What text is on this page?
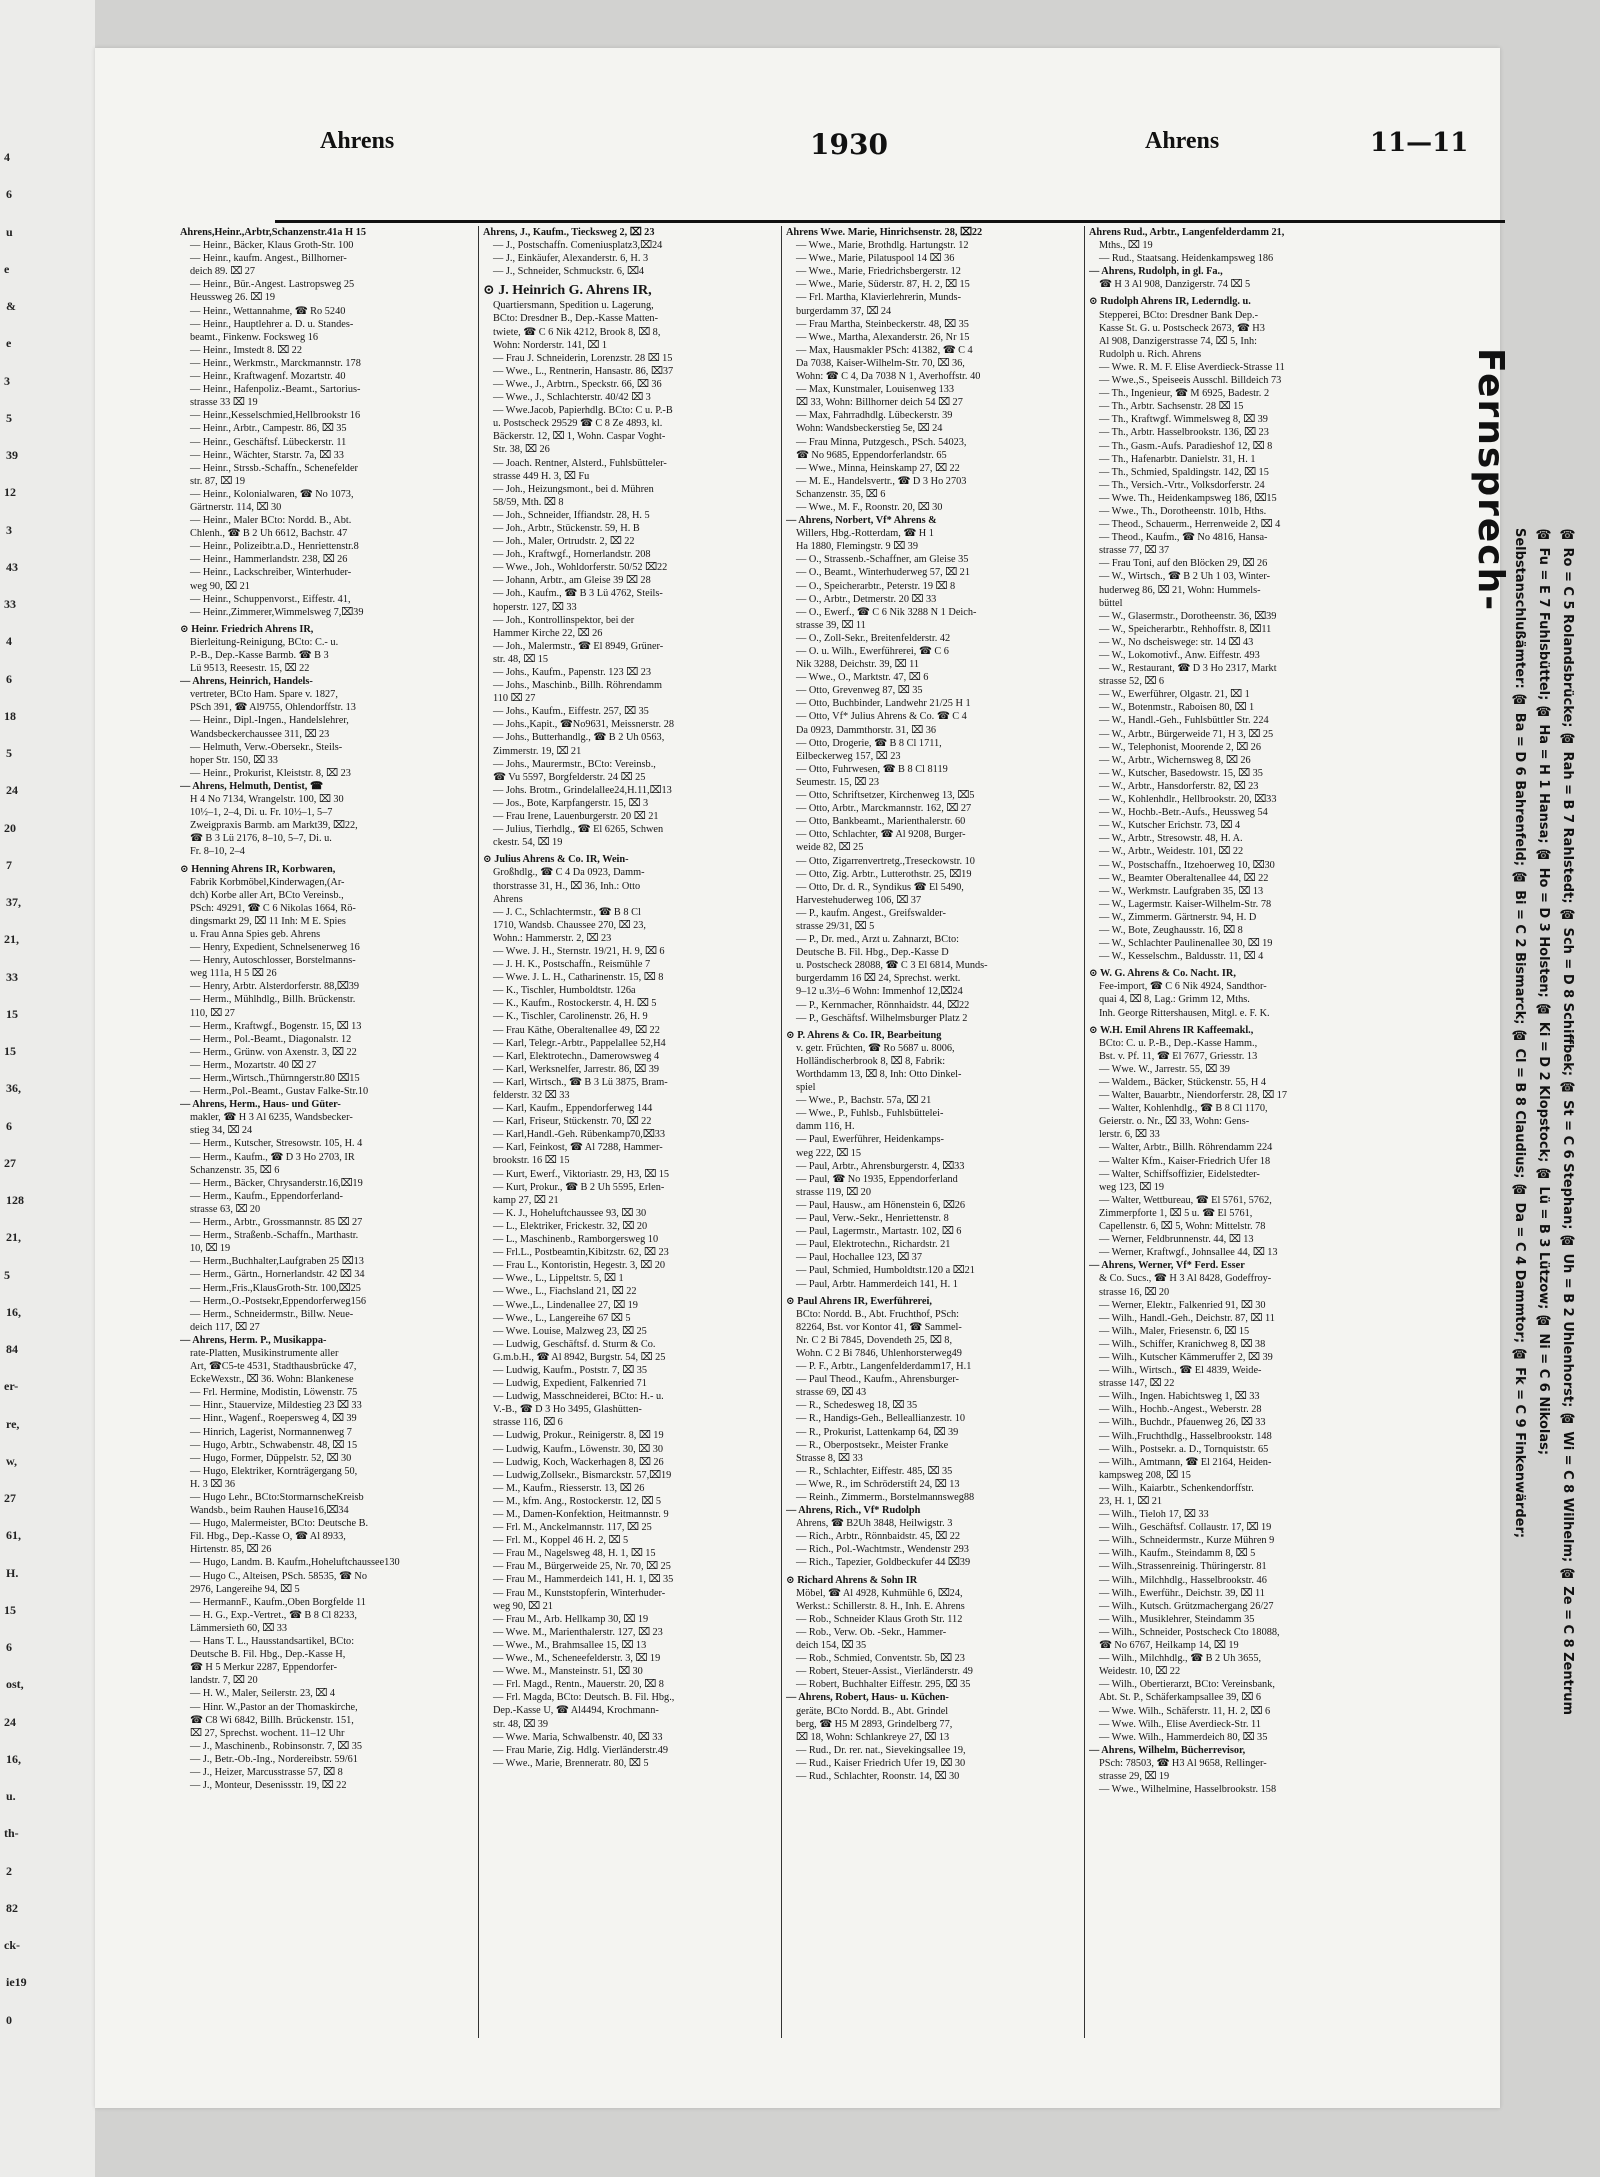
4
6
u
e
&
e
3
5
39
12
3
43
33
4
6
18
5
24
20
7
37,
21,
33
15
15
36,
6
27
128
21,
5
16,
84
er-
re,
w,
27
61,
H.
15
6
ost,
24
16,
u.
th-
2
82
ck-
ie19
0
Ahrens	1930	Ahrens	11—11
Ahrens,Heinr.,Arbtr,Schanzenstr.41a H 15
— Heinr., Bäcker, Klaus Groth-Str. 100
— Heinr., kaufm. Angest., Billhorner-
deich 89. ⌧ 27
— Heinr., Bür.-Angest. Lastropsweg 25
Heussweg 26. ⌧ 19
— Heinr., Wettannahme, ☎ Ro 5240
— Heinr., Hauptlehrer a. D. u. Standes-
beamt., Finkenw. Focksweg 16
— Heinr., Imstedt 8. ⌧ 22
— Heinr., Werkmstr., Marckmannstr. 178
— Heinr., Kraftwagenf. Mozartstr. 40
— Heinr., Hafenpoliz.-Beamt., Sartorius-
strasse 33 ⌧ 19
— Heinr.,Kesselschmied,Hellbrookstr 16
— Heinr., Arbtr., Campestr. 86, ⌧ 35
— Heinr., Geschäftsf. Lübeckerstr. 11
— Heinr., Wächter, Starstr. 7a, ⌧ 33
— Heinr., Strssb.-Schaffn., Schenefelder
str. 87, ⌧ 19
— Heinr., Kolonialwaren, ☎ No 1073,
Gärtnerstr. 114, ⌧ 30
— Heinr., Maler BCto: Nordd. B., Abt.
Chlenh., ☎ B 2 Uh 6612, Bachstr. 47
— Heinr., Polizeibtr.a.D., Henriettenstr.8
— Heinr., Hammerlandstr. 238, ⌧ 26
— Heinr., Lackschreiber, Winterhuder-
weg 90, ⌧ 21
— Heinr., Schuppenvorst., Eiffestr. 41,
— Heinr.,Zimmerer,Wimmelsweg 7,⌧39
⊙ Heinr. Friedrich Ahrens IR,
Bierleitung-Reinigung, BCto: C.- u.
P.-B., Dep.-Kasse Barmb. ☎ B 3
Lü 9513, Reesestr. 15, ⌧ 22
— Ahrens, Heinrich, Handels-
vertreter, BCto Ham. Spare v. 1827,
PSch 391, ☎ Al9755, Ohlendorffstr. 13
— Heinr., Dipl.-Ingen., Handelslehrer,
Wandsbeckerchaussee 311, ⌧ 23
— Helmuth, Verw.-Obersekr., Steils-
hoper Str. 150, ⌧ 33
— Heinr., Prokurist, Kleiststr. 8, ⌧ 23
— Ahrens, Helmuth, Dentist, ☎
H 4 No 7134, Wrangelstr. 100, ⌧ 30
10½–1, 2–4, Di. u. Fr. 10½–1, 5–7
Zweigpraxis Barmb. am Markt39, ⌧22,
☎ B 3 Lü 2176, 8–10, 5–7, Di. u.
Fr. 8–10, 2–4
⊙ Henning Ahrens IR, Korbwaren,
Fabrik Korbmöbel,Kinderwagen,(Ar-
dch) Korbe aller Art, BCto Vereinsb.,
PSch: 49291, ☎ C 6 Nikolas 1664, Rö-
dingsmarkt 29, ⌧ 11 Inh: M E. Spies
u. Frau Anna Spies geb. Ahrens
— Henry, Expedient, Schnelsenerweg 16
— Henry, Autoschlosser, Borstelmanns-
weg 111a, H 5 ⌧ 26
— Henry, Arbtr. Alsterdorferstr. 88,⌧39
— Herm., Mühlhdlg., Billh. Brückenstr.
110, ⌧ 27
— Herm., Kraftwgf., Bogenstr. 15, ⌧ 13
— Herm., Pol.-Beamt., Diagonalstr. 12
— Herm., Grünw. von Axenstr. 3, ⌧ 22
— Herm., Mozartstr. 40 ⌧ 27
— Herm.,Wirtsch.,Thürnngerstr.80 ⌧15
— Herm.,Pol.-Beamt., Gustav Falke-Str.10
— Ahrens, Herm., Haus- und Güter-
makler, ☎ H 3 Al 6235, Wandsbecker-
stieg 34, ⌧ 24
— Herm., Kutscher, Stresowstr. 105, H. 4
— Herm., Kaufm., ☎ D 3 Ho 2703, IR
Schanzenstr. 35, ⌧ 6
— Herm., Bäcker, Chrysanderstr.16,⌧19
— Herm., Kaufm., Eppendorferland-
strasse 63, ⌧ 20
— Herm., Arbtr., Grossmannstr. 85 ⌧ 27
— Herm., Straßenb.-Schaffn., Marthastr.
10, ⌧ 19
— Herm.,Buchhalter,Laufgraben 25 ⌧13
— Herm., Gärtn., Hornerlandstr. 42 ⌧ 34
— Herm.,Fris.,KlausGroth-Str. 100,⌧25
— Herm.,O.-Postsekr,Eppendorferweg156
— Herm., Schneidermstr., Billw. Neue-
deich 117, ⌧ 27
— Ahrens, Herm. P., Musikappa-
rate-Platten, Musikinstrumente aller
Art, ☎C5-te 4531, Stadthausbrücke 47,
EckeWexstr., ⌧ 36. Wohn: Blankenese
— Frl. Hermine, Modistin, Löwenstr. 75
— Hinr., Stauervize, Mildestieg 23 ⌧ 33
— Hinr., Wagenf., Roepersweg 4, ⌧ 39
— Hinrich, Lagerist, Normannenweg 7
— Hugo, Arbtr., Schwabenstr. 48, ⌧ 15
— Hugo, Former, Düppelstr. 52, ⌧ 30
— Hugo, Elektriker, Kornträgergang 50,
H. 3 ⌧ 36
— Hugo Lehr., BCto:StormarnscheKreisb
Wandsb., beim Rauhen Hause16,⌧34
— Hugo, Malermeister, BCto: Deutsche B.
Fil. Hbg., Dep.-Kasse O, ☎ Al 8933,
Hirtenstr. 85, ⌧ 26
— Hugo, Landm. B. Kaufm.,Hoheluftchaussee130
— Hugo C., Alteisen, PSch. 58535, ☎ No
2976, Langereihe 94, ⌧ 5
— HermannF., Kaufm.,Oben Borgfelde 11
— H. G., Exp.-Vertret., ☎ B 8 Cl 8233,
Lämmersieth 60, ⌧ 33
— Hans T. L., Hausstandsartikel, BCto:
Deutsche B. Fil. Hbg., Dep.-Kasse H,
☎ H 5 Merkur 2287, Eppendorfer-
landstr. 7, ⌧ 20
— H. W., Maler, Seilerstr. 23, ⌧ 4
— Hinr. W.,Pastor an der Thomaskirche,
☎ C8 Wi 6842, Billh. Brückenstr. 151,
⌧ 27, Sprechst. wochent. 11–12 Uhr
— J., Maschinenb., Robinsonstr. 7, ⌧ 35
— J., Betr.-Ob.-Ing., Nordereibstr. 59/61
— J., Heizer, Marcusstrasse 57, ⌧ 8
— J., Monteur, Desenissstr. 19, ⌧ 22
Ahrens, J., Kaufm., Tiecksweg 2, ⌧ 23
— J., Postschaffn. Comeniusplatz3,⌧24
— J., Einkäufer, Alexanderstr. 6, H. 3
— J., Schneider, Schmuckstr. 6, ⌧4
⊙ J. Heinrich G. Ahrens IR,
Quartiersmann, Spedition u. Lagerung,
BCto: Dresdner B., Dep.-Kasse Matten-
twiete, ☎ C 6 Nik 4212, Brook 8, ⌧ 8,
Wohn: Norderstr. 141, ⌧ 1
— Frau J. Schneiderin, Lorenzstr. 28 ⌧ 15
— Wwe., L., Rentnerin, Hansastr. 86, ⌧37
— Wwe., J., Arbtrn., Speckstr. 66, ⌧ 36
— Wwe., J., Schlachterstr. 40/42 ⌧ 3
— Wwe.Jacob, Papierhdlg. BCto: C u. P.-B
u. Postscheck 29529 ☎ C 8 Ze 4893, kl.
Bäckerstr. 12, ⌧ 1, Wohn. Caspar Voght-
Str. 38, ⌧ 26
— Joach. Rentner, Alsterd., Fuhlsbütteler-
strasse 449 H. 3, ⌧ Fu
— Joh., Heizungsmont., bei d. Mühren
58/59, Mth. ⌧ 8
— Joh., Schneider, Iffiandstr. 28, H. 5
— Joh., Arbtr., Stückenstr. 59, H. B
— Joh., Maler, Ortrudstr. 2, ⌧ 22
— Joh., Kraftwgf., Hornerlandstr. 208
— Wwe., Joh., Wohldorferstr. 50/52 ⌧22
— Johann, Arbtr., am Gleise 39 ⌧ 28
— Joh., Kaufm., ☎ B 3 Lü 4762, Steils-
hoperstr. 127, ⌧ 33
— Joh., Kontrollinspektor, bei der
Hammer Kirche 22, ⌧ 26
— Joh., Malermstr., ☎ El 8949, Grüner-
str. 48, ⌧ 15
— Johs., Kaufm., Papenstr. 123 ⌧ 23
— Johs., Maschinb., Billh. Röhrendamm
110 ⌧ 27
— Johs., Kaufm., Eiffestr. 257, ⌧ 35
— Johs.,Kapit., ☎No9631, Meissnerstr. 28
— Johs., Butterhandlg., ☎ B 2 Uh 0563,
Zimmerstr. 19, ⌧ 21
— Johs., Maurermstr., BCto: Vereinsb.,
☎ Vu 5597, Borgfelderstr. 24 ⌧ 25
— Johs. Brotm., Grindelallee24,H.11,⌧13
— Jos., Bote, Karpfangerstr. 15, ⌧ 3
— Frau Irene, Lauenburgerstr. 20 ⌧ 21
— Julius, Tierhdlg., ☎ El 6265, Schwen
ckestr. 54, ⌧ 19
⊙ Julius Ahrens & Co. IR, Wein-
Großhdlg., ☎ C 4 Da 0923, Damm-
thorstrasse 31, H., ⌧ 36, Inh.: Otto
Ahrens
— J. C., Schlachtermstr., ☎ B 8 Cl
1710, Wandsb. Chaussee 270, ⌧ 23,
Wohn.: Hammerstr. 2, ⌧ 23
— Wwe. J. H., Sternstr. 19/21, H. 9, ⌧ 6
— J. H. K., Postschaffn., Reismühle 7
— Wwe. J. L. H., Catharinenstr. 15, ⌧ 8
— K., Tischler, Humboldtstr. 126a
— K., Kaufm., Rostockerstr. 4, H. ⌧ 5
— K., Tischler, Carolinenstr. 26, H. 9
— Frau Käthe, Oberaltenallee 49, ⌧ 22
— Karl, Telegr.-Arbtr., Pappelallee 52,H4
— Karl, Elektrotechn., Damerowsweg 4
— Karl, Werksnelfer, Jarrestr. 86, ⌧ 39
— Karl, Wirtsch., ☎ B 3 Lü 3875, Bram-
felderstr. 32 ⌧ 33
— Karl, Kaufm., Eppendorferweg 144
— Karl, Friseur, Stückenstr. 70, ⌧ 22
— Karl,Handl.-Geh. Rübenkamp70,⌧33
— Karl, Feinkost, ☎ Al 7288, Hammer-
brookstr. 16 ⌧ 15
— Kurt, Ewerf., Viktoriastr. 29, H3, ⌧ 15
— Kurt, Prokur., ☎ B 2 Uh 5595, Erlen-
kamp 27, ⌧ 21
— K. J., Hoheluftchaussee 93, ⌧ 30
— L., Elektriker, Frickestr. 32, ⌧ 20
— L., Maschinenb., Ramborgersweg 10
— Frl.L., Postbeamtin,Kibitzstr. 62, ⌧ 23
— Frau L., Kontoristin, Hegestr. 3, ⌧ 20
— Wwe., L., Lippeltstr. 5, ⌧ 1
— Wwe., L., Fiachsland 21, ⌧ 22
— Wwe.,L., Lindenallee 27, ⌧ 19
— Wwe., L., Langereihe 67 ⌧ 5
— Wwe. Louise, Malzweg 23, ⌧ 25
— Ludwig, Geschäftsf. d. Sturm & Co.
G.m.b.H., ☎ Al 8942, Burgstr. 54, ⌧ 25
— Ludwig, Kaufm., Poststr. 7, ⌧ 35
— Ludwig, Expedient, Falkenried 71
— Ludwig, Masschneiderei, BCto: H.- u.
V.-B., ☎ D 3 Ho 3495, Glashütten-
strasse 116, ⌧ 6
— Ludwig, Prokur., Reinigerstr. 8, ⌧ 19
— Ludwig, Kaufm., Löwenstr. 30, ⌧ 30
— Ludwig, Koch, Wackerhagen 8, ⌧ 26
— Ludwig,Zollsekr., Bismarckstr. 57,⌧19
— M., Kaufm., Riesserstr. 13, ⌧ 26
— M., kfm. Ang., Rostockerstr. 12, ⌧ 5
— M., Damen-Konfektion, Heitmannstr. 9
— Frl. M., Anckelmannstr. 117, ⌧ 25
— Frl. M., Koppel 46 H. 2, ⌧ 5
— Frau M., Nagelsweg 48, H. 1, ⌧ 15
— Frau M., Bürgerweide 25, Nr. 70, ⌧ 25
— Frau M., Hammerdeich 141, H. 1, ⌧ 35
— Frau M., Kunststopferin, Winterhuder-
weg 90, ⌧ 21
— Frau M., Arb. Hellkamp 30, ⌧ 19
— Wwe. M., Marienthalerstr. 127, ⌧ 23
— Wwe., M., Brahmsallee 15, ⌧ 13
— Wwe., M., Scheneefelderstr. 3, ⌧ 19
— Wwe. M., Mansteinstr. 51, ⌧ 30
— Frl. Magd., Rentn., Mauerstr. 20, ⌧ 8
— Frl. Magda, BCto: Deutsch. B. Fil. Hbg.,
Dep.-Kasse U, ☎ Al4494, Krochmann-
str. 48, ⌧ 39
— Wwe. Maria, Schwalbenstr. 40, ⌧ 33
— Frau Marie, Zig. Hdlg. Vierländerstr.49
— Wwe., Marie, Brenneratr. 80, ⌧ 5
Ahrens Wwe. Marie, Hinrichsenstr. 28, ⌧22
— Wwe., Marie, Brothdlg. Hartungstr. 12
— Wwe., Marie, Pilatuspool 14 ⌧ 36
— Wwe., Marie, Friedrichsbergerstr. 12
— Wwe., Marie, Süderstr. 87, H. 2, ⌧ 15
— Frl. Martha, Klavierlehrerin, Munds-
burgerdamm 37, ⌧ 24
— Frau Martha, Steinbeckerstr. 48, ⌧ 35
— Wwe., Martha, Alexanderstr. 26, Nr 15
— Max, Hausmakler PSch: 41382, ☎ C 4
Da 7038, Kaiser-Wilhelm-Str. 70, ⌧ 36,
Wohn: ☎ C 4, Da 7038 N 1, Averhoffstr. 40
— Max, Kunstmaler, Louisenweg 133
⌧ 33, Wohn: Billhorner deich 54 ⌧ 27
— Max, Fahrradhdlg. Lübeckerstr. 39
Wohn: Wandsbeckerstieg 5e, ⌧ 24
— Frau Minna, Putzgesch., PSch. 54023,
☎ No 9685, Eppendorferlandstr. 65
— Wwe., Minna, Heinskamp 27, ⌧ 22
— M. E., Handelsvertr., ☎ D 3 Ho 2703
Schanzenstr. 35, ⌧ 6
— Wwe., M. F., Roonstr. 20, ⌧ 30
— Ahrens, Norbert, Vf* Ahrens &
Willers, Hbg.-Rotterdam, ☎ H 1
Ha 1880, Flemingstr. 9 ⌧ 39
— O., Strassenb.-Schaffner, am Gleise 35
— O., Beamt., Winterhuderweg 57, ⌧ 21
— O., Speicherarbtr., Peterstr. 19 ⌧ 8
— O., Arbtr., Detmerstr. 20 ⌧ 33
— O., Ewerf., ☎ C 6 Nik 3288 N 1 Deich-
strasse 39, ⌧ 11
— O., Zoll-Sekr., Breitenfelderstr. 42
— O. u. Wilh., Ewerführerei, ☎ C 6
Nik 3288, Deichstr. 39, ⌧ 11
— Wwe., O., Marktstr. 47, ⌧ 6
— Otto, Grevenweg 87, ⌧ 35
— Otto, Buchbinder, Landwehr 21/25 H 1
— Otto, Vf* Julius Ahrens & Co. ☎ C 4
Da 0923, Dammthorstr. 31, ⌧ 36
— Otto, Drogerie, ☎ B 8 Cl 1711,
Eilbeckerweg 157, ⌧ 23
— Otto, Fuhrwesen, ☎ B 8 Cl 8119
Seumestr. 15, ⌧ 23
— Otto, Schriftsetzer, Kirchenweg 13, ⌧5
— Otto, Arbtr., Marckmannstr. 162, ⌧ 27
— Otto, Bankbeamt., Marienthalerstr. 60
— Otto, Schlachter, ☎ Al 9208, Burger-
weide 82, ⌧ 25
— Otto, Zigarrenvertretg.,Treseckowstr. 10
— Otto, Zig. Arbtr., Lutterothstr. 25, ⌧19
— Otto, Dr. d. R., Syndikus ☎ El 5490,
Harvestehuderweg 106, ⌧ 37
— P., kaufm. Angest., Greifswalder-
strasse 29/31, ⌧ 5
— P., Dr. med., Arzt u. Zahnarzt, BCto:
Deutsche B. Fil. Hbg., Dep.-Kasse D
u. Postscheck 28088, ☎ C 3 El 6814, Munds-
burgerdamm 16 ⌧ 24, Sprechst. werkt.
9–12 u.3½–6 Wohn: Immenhof 12,⌧24
— P., Kernmacher, Rönnhaidstr. 44, ⌧22
— P., Geschäftsf. Wilhelmsburger Platz 2
⊙ P. Ahrens & Co. IR, Bearbeitung
v. getr. Früchten, ☎ Ro 5687 u. 8006,
Holländischerbrook 8, ⌧ 8, Fabrik:
Worthdamm 13, ⌧ 8, Inh: Otto Dinkel-
spiel
— Wwe., P., Bachstr. 57a, ⌧ 21
— Wwe., P., Fuhlsb., Fuhlsbüttelei-
damm 116, H.
— Paul, Ewerführer, Heidenkamps-
weg 222, ⌧ 15
— Paul, Arbtr., Ahrensburgerstr. 4, ⌧33
— Paul, ☎ No 1935, Eppendorferland
strasse 119, ⌧ 20
— Paul, Hausw., am Hönenstein 6, ⌧26
— Paul, Verw.-Sekr., Henriettenstr. 8
— Paul, Lagermstr., Martastr. 102, ⌧ 6
— Paul, Elektrotechn., Richardstr. 21
— Paul, Hochallee 123, ⌧ 37
— Paul, Schmied, Humboldtstr.120 a ⌧21
— Paul, Arbtr. Hammerdeich 141, H. 1
⊙ Paul Ahrens IR, Ewerführerei,
BCto: Nordd. B., Abt. Fruchthof, PSch:
82264, Bst. vor Kontor 41, ☎ Sammel-
Nr. C 2 Bi 7845, Dovendeth 25, ⌧ 8,
Wohn. C 2 Bi 7846, Uhlenhorsterweg49
— P. F., Arbtr., Langenfelderdamm17, H.1
— Paul Theod., Kaufm., Ahrensburger-
strasse 69, ⌧ 43
— R., Schedesweg 18, ⌧ 35
— R., Handigs-Geh., Belleallianzestr. 10
— R., Prokurist, Lattenkamp 64, ⌧ 39
— R., Oberpostsekr., Meister Franke
Strasse 8, ⌧ 33
— R., Schlachter, Eiffestr. 485, ⌧ 35
— Wwe, R., im Schröderstift 24, ⌧ 13
— Reinh., Zimmerm., Borstelmannsweg88
— Ahrens, Rich., Vf* Rudolph
Ahrens, ☎ B2Uh 3848, Heilwigstr. 3
— Rich., Arbtr., Rönnbaidstr. 45, ⌧ 22
— Rich., Pol.-Wachtmstr., Wendenstr 293
— Rich., Tapezier, Goldbeckufer 44 ⌧39
⊙ Richard Ahrens & Sohn IR
Möbel, ☎ Al 4928, Kuhmühle 6, ⌧24,
Werkst.: Schillerstr. 8. H., Inh. E. Ahrens
— Rob., Schneider Klaus Groth Str. 112
— Rob., Verw. Ob. -Sekr., Hammer-
deich 154, ⌧ 35
— Rob., Schmied, Conventstr. 5b, ⌧ 23
— Robert, Steuer-Assist., Vierländerstr. 49
— Robert, Buchhalter Eiffestr. 295, ⌧ 35
— Ahrens, Robert, Haus- u. Küchen-
geräte, BCto Nordd. B., Abt. Grindel
berg, ☎ H5 M 2893, Grindelberg 77,
⌧ 18, Wohn: Schlankreye 27, ⌧ 13
— Rud., Dr. rer. nat., Sievekingsallee 19,
— Rud., Kaiser Friedrich Ufer 19, ⌧ 30
— Rud., Schlachter, Roonstr. 14, ⌧ 30
Ahrens Rud., Arbtr., Langenfelderdamm 21,
Mths., ⌧ 19
— Rud., Staatsang. Heidenkampsweg 186
— Ahrens, Rudolph, in gl. Fa.,
☎ H 3 Al 908, Danzigerstr. 74 ⌧ 5
⊙ Rudolph Ahrens IR, Lederndlg. u.
Stepperei, BCto: Dresdner Bank Dep.-
Kasse St. G. u. Postscheck 2673, ☎ H3
Al 908, Danzigerstrasse 74, ⌧ 5, Inh:
Rudolph u. Rich. Ahrens
— Wwe. R. M. F. Elise Averdieck-Strasse 11
— Wwe.,S., Speiseeis Ausschl. Billdeich 73
— Th., Ingenieur, ☎ M 6925, Badestr. 2
— Th., Arbtr. Sachsenstr. 28 ⌧ 15
— Th., Kraftwgf. Wimmelsweg 8, ⌧ 39
— Th., Arbtr. Hasselbrookstr. 136, ⌧ 23
— Th., Gasm.-Aufs. Paradieshof 12, ⌧ 8
— Th., Hafenarbtr. Danielstr. 31, H. 1
— Th., Schmied, Spaldingstr. 142, ⌧ 15
— Th., Versich.-Vrtr., Volksdorferstr. 24
— Wwe. Th., Heidenkampsweg 186, ⌧15
— Wwe., Th., Dorotheenstr. 101b, Hths.
— Theod., Schauerm., Herrenweide 2, ⌧ 4
— Theod., Kaufm., ☎ No 4816, Hansa-
strasse 77, ⌧ 37
— Frau Toni, auf den Blöcken 29, ⌧ 26
— W., Wirtsch., ☎ B 2 Uh 1 03, Winter-
huderweg 86, ⌧ 21, Wohn: Hummels-
büttel
— W., Glasermstr., Dorotheenstr. 36, ⌧39
— W., Speicherarbtr., Rehhoffstr. 8, ⌧11
— W., No dscheiswege: str. 14 ⌧ 43
— W., Lokomotivf., Anw. Eiffestr. 493
— W., Restaurant, ☎ D 3 Ho 2317, Markt
strasse 52, ⌧ 6
— W., Ewerführer, Olgastr. 21, ⌧ 1
— W., Botenmstr., Raboisen 80, ⌧ 1
— W., Handl.-Geh., Fuhlsbüttler Str. 224
— W., Arbtr., Bürgerweide 71, H 3, ⌧ 25
— W., Telephonist, Moorende 2, ⌧ 26
— W., Arbtr., Wichernsweg 8, ⌧ 26
— W., Kutscher, Basedowstr. 15, ⌧ 35
— W., Arbtr., Hansdorferstr. 82, ⌧ 23
— W., Kohlenhdlr., Hellbrookstr. 20, ⌧33
— W., Hochb.-Betr.-Aufs., Heussweg 54
— W., Kutscher Erichstr. 73, ⌧ 4
— W., Arbtr., Stresowstr. 48, H. A.
— W., Arbtr., Weidestr. 101, ⌧ 22
— W., Postschaffn., Itzehoerweg 10, ⌧30
— W., Beamter Oberaltenallee 44, ⌧ 22
— W., Werkmstr. Laufgraben 35, ⌧ 13
— W., Lagermstr. Kaiser-Wilhelm-Str. 78
— W., Zimmerm. Gärtnerstr. 94, H. D
— W., Bote, Zeughausstr. 16, ⌧ 8
— W., Schlachter Paulinenallee 30, ⌧ 19
— W., Kesselschm., Baldusstr. 11, ⌧ 4
⊙ W. G. Ahrens & Co. Nacht. IR,
Fee-import, ☎ C 6 Nik 4924, Sandthor-
quai 4, ⌧ 8, Lag.: Grimm 12, Mths.
Inh. George Rittershausen, Mitgl. e. F. K.
⊙ W.H. Emil Ahrens IR Kaffeemakl.,
BCto: C. u. P.-B., Dep.-Kasse Hamm.,
Bst. v. Pf. 11, ☎ El 7677, Griesstr. 13
— Wwe. W., Jarrestr. 55, ⌧ 39
— Waldem., Bäcker, Stückenstr. 55, H 4
— Walter, Bauarbtr., Niendorferstr. 28, ⌧ 17
— Walter, Kohlenhdlg., ☎ B 8 Cl 1170,
Geierstr. o. Nr., ⌧ 33, Wohn: Gens-
lerstr. 6, ⌧ 33
— Walter, Arbtr., Billh. Röhrendamm 224
— Walter Kfm., Kaiser-Friedrich Ufer 18
— Walter, Schiffsoffizier, Eidelstedter-
weg 123, ⌧ 19
— Walter, Wettbureau, ☎ El 5761, 5762,
Zimmerpforte 1, ⌧ 5 u. ☎ El 5761,
Capellenstr. 6, ⌧ 5, Wohn: Mittelstr. 78
— Werner, Feldbrunnenstr. 44, ⌧ 13
— Werner, Kraftwgf., Johnsallee 44, ⌧ 13
— Ahrens, Werner, Vf* Ferd. Esser
& Co. Sucs., ☎ H 3 Al 8428, Godeffroy-
strasse 16, ⌧ 20
— Werner, Elektr., Falkenried 91, ⌧ 30
— Wilh., Handl.-Geh., Deichstr. 87, ⌧ 11
— Wilh., Maler, Friesenstr. 6, ⌧ 15
— Wilh., Schiffer, Kranichweg 8, ⌧ 38
— Wilh., Kutscher Kämmeruffer 2, ⌧ 39
— Wilh., Wirtsch., ☎ El 4839, Weide-
strasse 147, ⌧ 22
— Wilh., Ingen. Habichtsweg 1, ⌧ 33
— Wilh., Hochb.-Angest., Weberstr. 28
— Wilh., Buchdr., Pfauenweg 26, ⌧ 33
— Wilh.,Fruchthdlg., Hasselbrookstr. 148
— Wilh., Postsekr. a. D., Tornquiststr. 65
— Wilh., Amtmann, ☎ El 2164, Heiden-
kampsweg 208, ⌧ 15
— Wilh., Kaiarbtr., Schenkendorffstr.
23, H. 1, ⌧ 21
— Wilh., Tieloh 17, ⌧ 33
— Wilh., Geschäftsf. Collaustr. 17, ⌧ 19
— Wilh., Schneidermstr., Kurze Mühren 9
— Wilh., Kaufm., Steindamm 8, ⌧ 5
— Wilh.,Strassenreinig. Thüringerstr. 81
— Wilh., Milchhdlg., Hasselbrookstr. 46
— Wilh., Ewerführ., Deichstr. 39, ⌧ 11
— Wilh., Kutsch. Grützmachergang 26/27
— Wilh., Musiklehrer, Steindamm 35
— Wilh., Schneider, Postscheck Cto 18088,
☎ No 6767, Heilkamp 14, ⌧ 19
— Wilh., Milchhdlg., ☎ B 2 Uh 3655,
Weidestr. 10, ⌧ 22
— Wilh., Obertierarzt, BCto: Vereinsbank,
Abt. St. P., Schäferkampsallee 39, ⌧ 6
— Wwe. Wilh., Schäferstr. 11, H. 2, ⌧ 6
— Wwe. Wilh., Elise Averdieck-Str. 11
— Wwe. Wilh., Hammerdeich 80, ⌧ 35
— Ahrens, Wilhelm, Bücherrevisor,
PSch: 78503, ☎ H3 Al 9658, Rellinger-
strasse 29, ⌧ 19
— Wwe., Wilhelmine, Hasselbrookstr. 158
Fernsprech-
Selbstanschlußämter: ☎ Ba = D 6 Bahrenfeld; ☎ Bi = C 2 Bismarck; ☎ Cl = B 8 Claudius; ☎ Da = C 4 Dammtor; ☎ Fk = C 9 Finkenwärder; ☎ Fu = E 7 Fuhlsbüttel; ☎ Ha = H 1 Hansa; ☎ Ho = D 3 Holsten; ☎ Ki = D 2 Klopstock; ☎ Lü = B 3 Lützow; ☎ Ni = C 6 Nikolas; ☎ Ro = C 5 Rolandsbrücke; ☎ Rah = B 7 Rahlstedt; ☎ Sch = D 8 Schiffbek; ☎ St = C 6 Stephan; ☎ Uh = B 2 Uhlenhorst; ☎ Wi = C 8 Wilhelm; ☎ Ze = C 8 Zentrum
